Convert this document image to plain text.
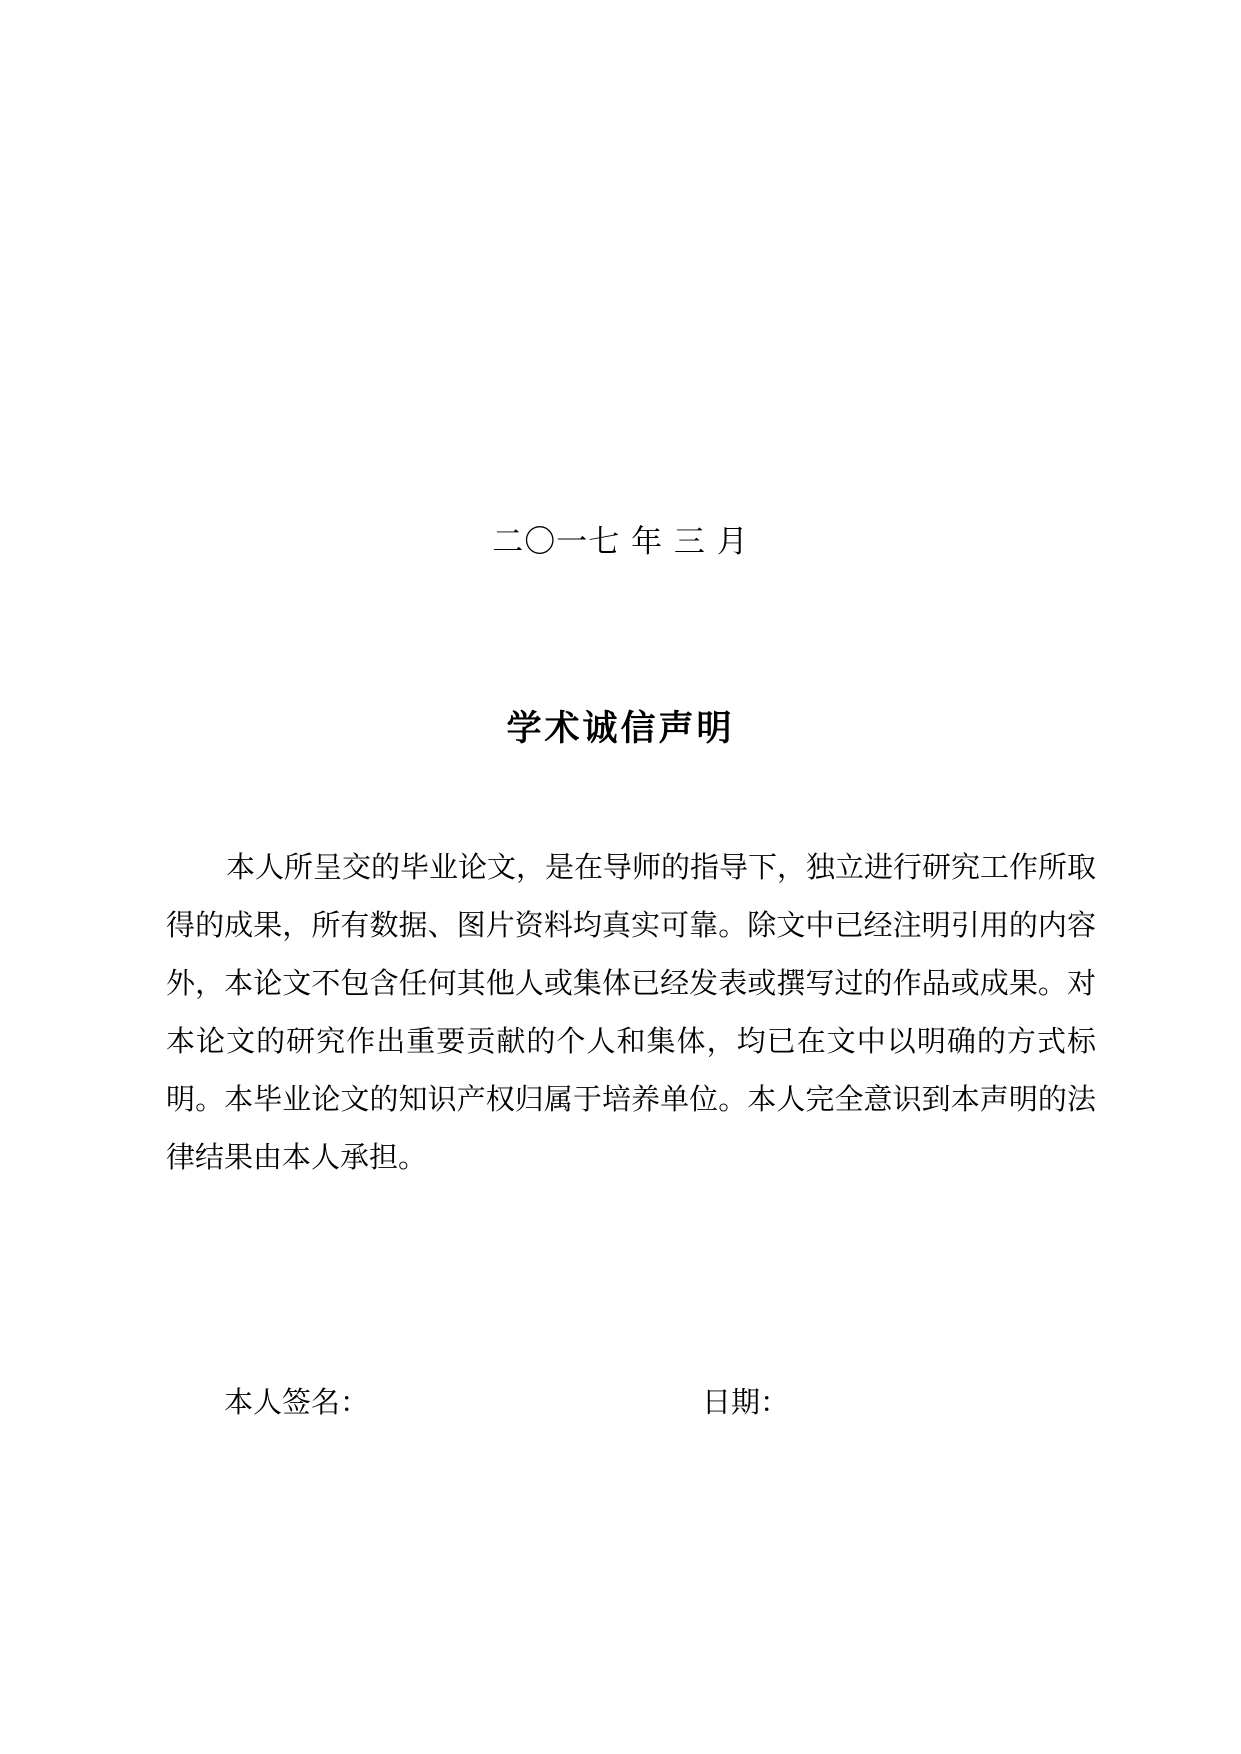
二〇一七 年 三 月
学术诚信声明

本人所呈交的毕业论文，是在导师的指导下，独立进行研究工作所取得的成果，所有数据、图片资料均真实可靠。除文中已经注明引用的内容外，本论文不包含任何其他人或集体已经发表或撰写过的作品或成果。对本论文的研究作出重要贡献的个人和集体，均已在文中以明确的方式标明。本毕业论文的知识产权归属于培养单位。本人完全意识到本声明的法律结果由本人承担。

本人签名：	日期：
